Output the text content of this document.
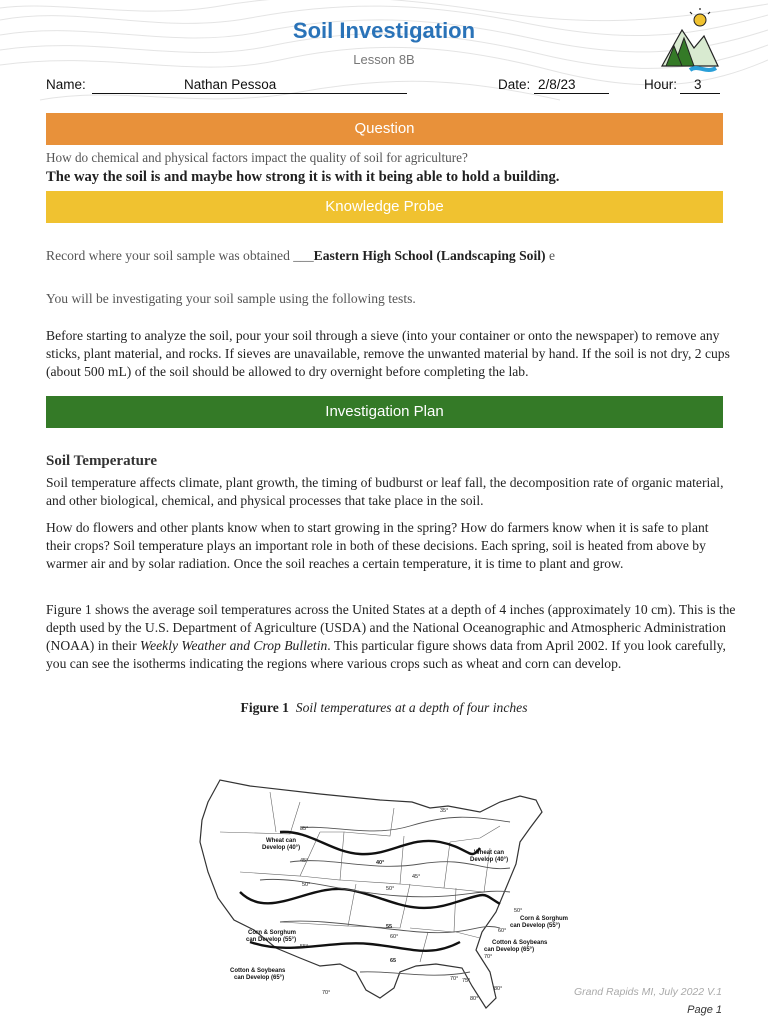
Soil Investigation
Lesson 8B
Name:	Nathan Pessoa	Date: 2/8/23	Hour: 3
Question
How do chemical and physical factors impact the quality of soil for agriculture?
The way the soil is and maybe how strong it is with it being able to hold a building.
Knowledge Probe
Record where your soil sample was obtained ___Eastern High School (Landscaping Soil) e
You will be investigating your soil sample using the following tests.
Before starting to analyze the soil, pour your soil through a sieve (into your container or onto the newspaper) to remove any sticks, plant material, and rocks. If sieves are unavailable, remove the unwanted material by hand. If the soil is not dry, 2 cups (about 500 mL) of the soil should be allowed to dry overnight before completing the lab.
Investigation Plan
Soil Temperature
Soil temperature affects climate, plant growth, the timing of budburst or leaf fall, the decomposition rate of organic material, and other biological, chemical, and physical processes that take place in the soil.
How do flowers and other plants know when to start growing in the spring? How do farmers know when it is safe to plant their crops? Soil temperature plays an important role in both of these decisions. Each spring, soil is heated from above by warmer air and by solar radiation. Once the soil reaches a certain temperature, it is time to plant and grow.
Figure 1 shows the average soil temperatures across the United States at a depth of 4 inches (approximately 10 cm). This is the depth used by the U.S. Department of Agriculture (USDA) and the National Oceanographic and Atmospheric Administration (NOAA) in their Weekly Weather and Crop Bulletin. This particular figure shows data from April 2002. If you look carefully, you can see the isotherms indicating the regions where various crops such as wheat and corn can develop.
Figure 1 Soil temperatures at a depth of four inches
Wheat can
Develop (40°)
Wheat can
Develop (40°)
Corn & Sorghum
can Develop (55°)
Corn & Sorghum
can Develop (55°)
Cotton & Soybeans
can Develop (65°)
Cotton & Soybeans
can Develop (65°)
35°
35°
40°
45°
45°
50°
50°
50°
55
55°
60°
60°
65
70°
70°
70°
75°
80°
80°
Grand Rapids MI, July 2022 V.1
Page 1
